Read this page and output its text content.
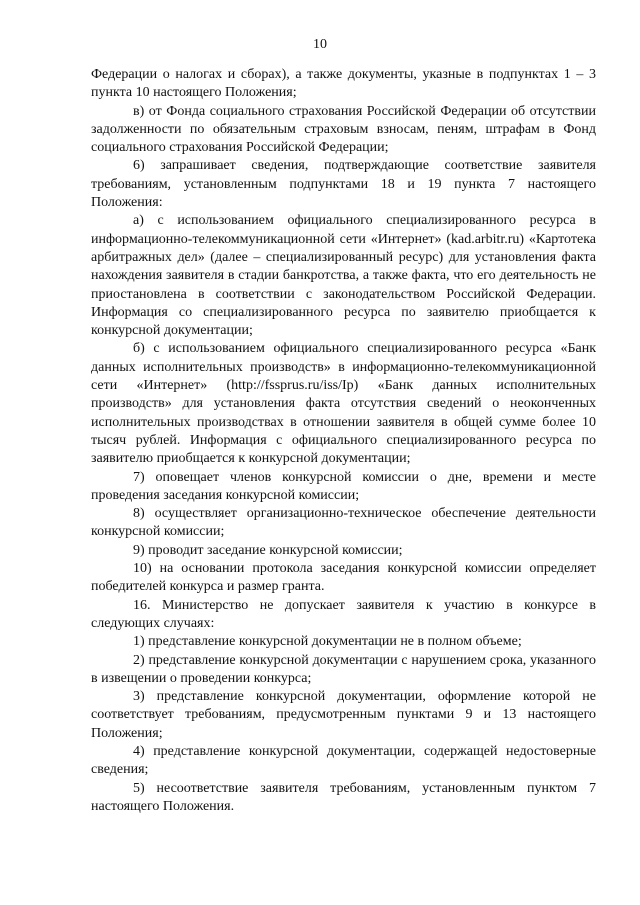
10

Федерации о налогах и сборах), а также документы, указные в подпунктах 1 – 3 пункта 10 настоящего Положения;

в) от Фонда социального страхования Российской Федерации об отсутствии задолженности по обязательным страховым взносам, пеням, штрафам в Фонд социального страхования Российской Федерации;

6) запрашивает сведения, подтверждающие соответствие заявителя требованиям, установленным подпунктами 18 и 19 пункта 7 настоящего Положения:

а) с использованием официального специализированного ресурса в информационно-телекоммуникационной сети «Интернет» (kad.arbitr.ru) «Картотека арбитражных дел» (далее – специализированный ресурс) для установления факта нахождения заявителя в стадии банкротства, а также факта, что его деятельность не приостановлена в соответствии с законодательством Российской Федерации. Информация со специализированного ресурса по заявителю приобщается к конкурсной документации;

б) с использованием официального специализированного ресурса «Банк данных исполнительных производств» в информационно-телекоммуникационной сети «Интернет» (http://fssprus.ru/iss/Ip) «Банк данных исполнительных производств» для установления факта отсутствия сведений о неоконченных исполнительных производствах в отношении заявителя в общей сумме более 10 тысяч рублей. Информация с официального специализированного ресурса по заявителю приобщается к конкурсной документации;

7) оповещает членов конкурсной комиссии о дне, времени и месте проведения заседания конкурсной комиссии;

8) осуществляет организационно-техническое обеспечение деятельности конкурсной комиссии;

9) проводит заседание конкурсной комиссии;

10) на основании протокола заседания конкурсной комиссии определяет победителей конкурса и размер гранта.

16. Министерство не допускает заявителя к участию в конкурсе в следующих случаях:

1) представление конкурсной документации не в полном объеме;

2) представление конкурсной документации с нарушением срока, указанного в извещении о проведении конкурса;

3) представление конкурсной документации, оформление которой не соответствует требованиям, предусмотренным пунктами 9 и 13 настоящего Положения;

4) представление конкурсной документации, содержащей недостоверные сведения;

5) несоответствие заявителя требованиям, установленным пунктом 7 настоящего Положения.
